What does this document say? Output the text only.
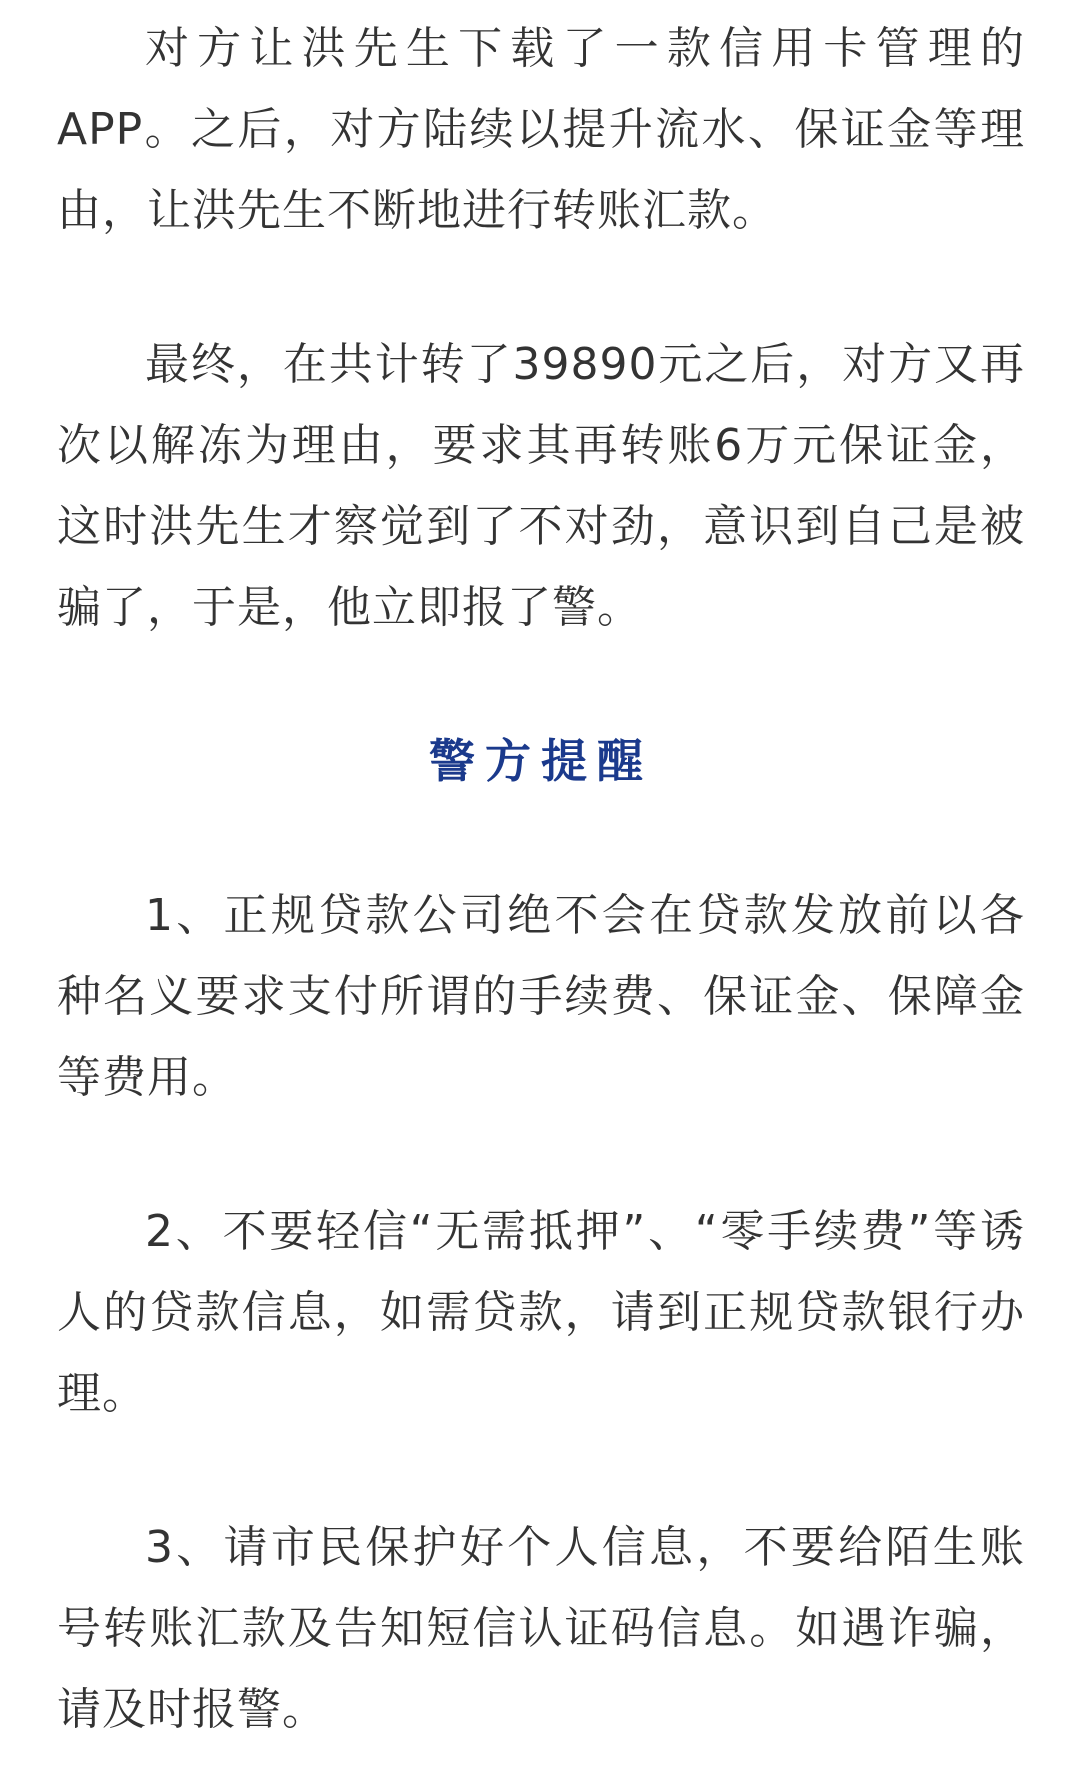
对方让洪先生下载了一款信用卡管理的APP。之后，对方陆续以提升流水、保证金等理由，让洪先生不断地进行转账汇款。

最终，在共计转了39890元之后，对方又再次以解冻为理由，要求其再转账6万元保证金，这时洪先生才察觉到了不对劲，意识到自己是被骗了，于是，他立即报了警。

警方提醒

1、正规贷款公司绝不会在贷款发放前以各种名义要求支付所谓的手续费、保证金、保障金等费用。

2、不要轻信“无需抵押”、“零手续费”等诱人的贷款信息，如需贷款，请到正规贷款银行办理。

3、请市民保护好个人信息，不要给陌生账号转账汇款及告知短信认证码信息。如遇诈骗，请及时报警。
